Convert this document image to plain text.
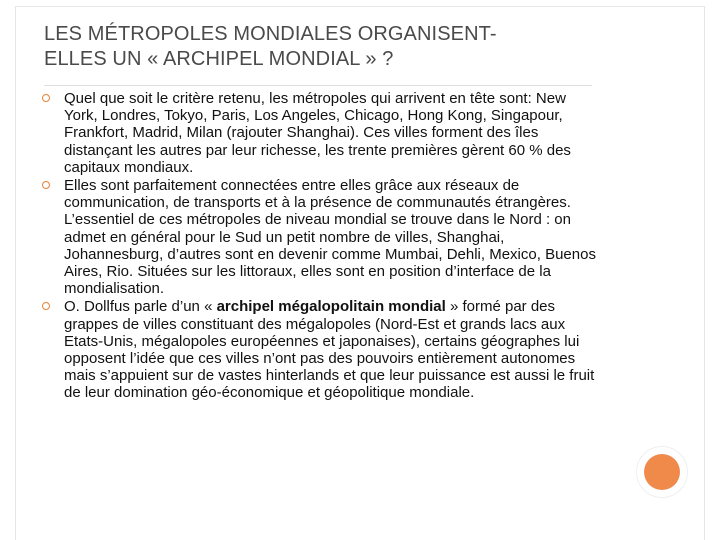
LES MÉTROPOLES MONDIALES ORGANISENT-
ELLES UN « ARCHIPEL MONDIAL » ?
Quel que soit le critère retenu, les métropoles qui arrivent en tête sont: New York, Londres, Tokyo, Paris, Los Angeles, Chicago, Hong Kong, Singapour, Frankfort, Madrid, Milan (rajouter Shanghai). Ces villes forment des îles distançant les autres par leur richesse, les trente premières gèrent 60 % des capitaux mondiaux.
Elles sont parfaitement connectées entre elles grâce aux réseaux de communication, de transports et à la présence de communautés étrangères. L’essentiel de ces métropoles de niveau mondial se trouve dans le Nord : on admet en général pour le Sud un petit nombre de villes, Shanghai, Johannesburg, d’autres sont en devenir comme Mumbai, Dehli, Mexico, Buenos Aires, Rio. Situées sur les littoraux, elles sont en position d’interface de la mondialisation.
O. Dollfus parle d’un « archipel mégalopolitain mondial » formé par des grappes de villes constituant des mégalopoles (Nord-Est et grands lacs aux Etats-Unis, mégalopoles européennes et japonaises), certains géographes lui opposent l’idée que ces villes n’ont pas des pouvoirs entièrement autonomes mais s’appuient sur de vastes hinterlands et que leur puissance est aussi le fruit de leur domination géo-économique et géopolitique mondiale.
